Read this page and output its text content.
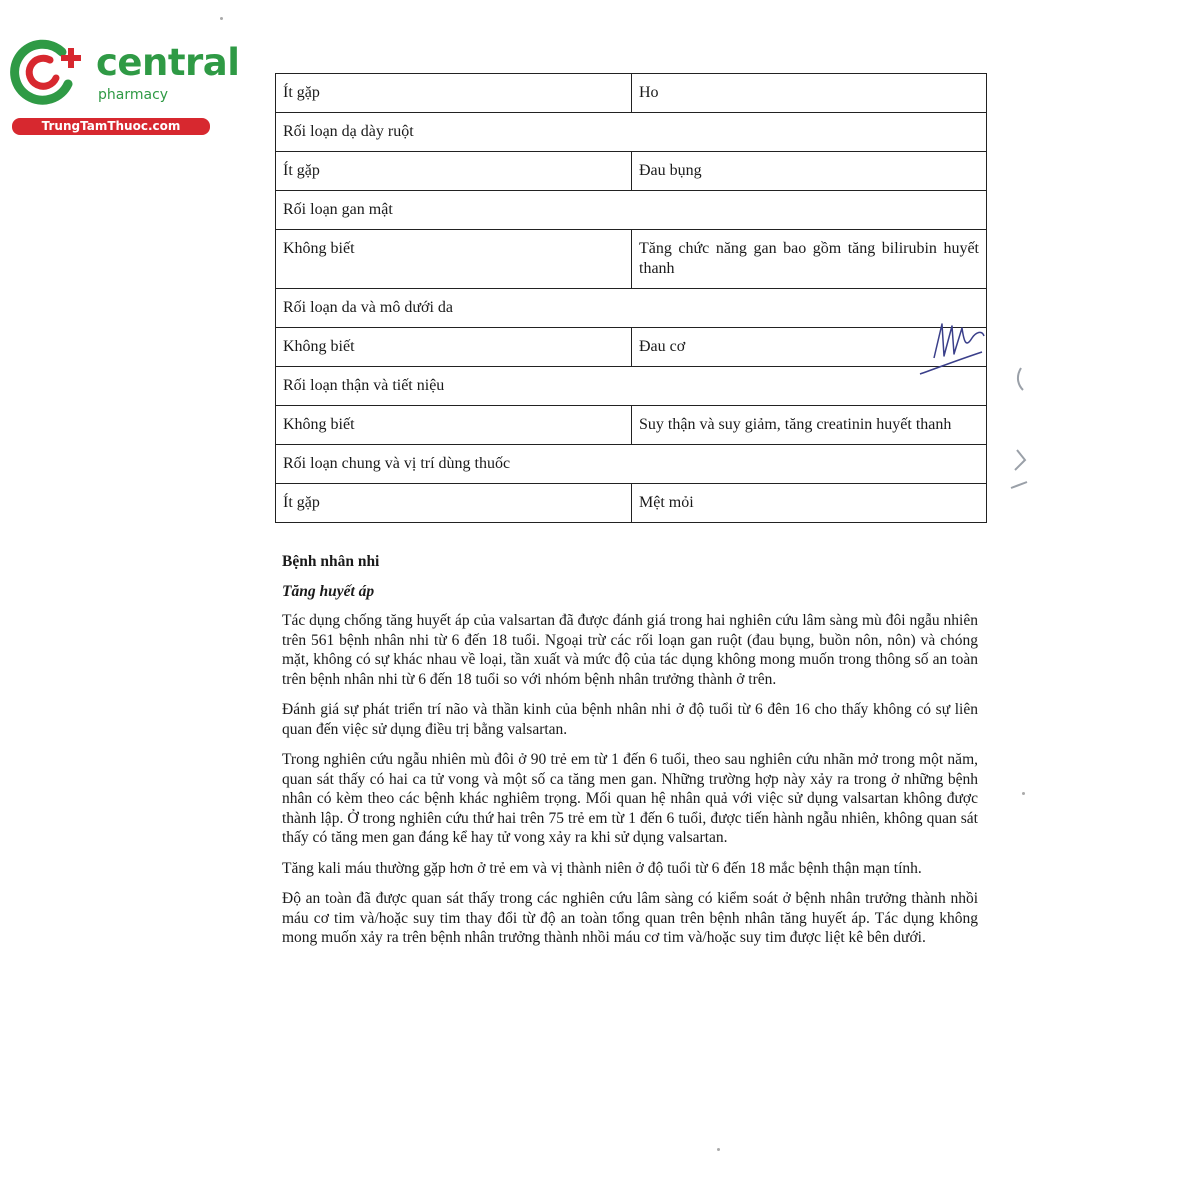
central
pharmacy
TrungTamThuoc.com
Ít gặp	Ho
Rối loạn dạ dày ruột	
Ít gặp	Đau bụng
Rối loạn gan mật	
Không biết	Tăng chức năng gan bao gồm tăng bilirubin huyết thanh
Rối loạn da và mô dưới da	
Không biết	Đau cơ
Rối loạn thận và tiết niệu	
Không biết	Suy thận và suy giảm, tăng creatinin huyết thanh
Rối loạn chung và vị trí dùng thuốc	
Ít gặp	Mệt mỏi
Bệnh nhân nhi
Tăng huyết áp

Tác dụng chống tăng huyết áp của valsartan đã được đánh giá trong hai nghiên cứu lâm sàng mù đôi ngẫu nhiên trên 561 bệnh nhân nhi từ 6 đến 18 tuổi. Ngoại trừ các rối loạn gan ruột (đau bụng, buồn nôn, nôn) và chóng mặt, không có sự khác nhau về loại, tần xuất và mức độ của tác dụng không mong muốn trong thông số an toàn trên bệnh nhân nhi từ 6 đến 18 tuổi so với nhóm bệnh nhân trưởng thành ở trên.

Đánh giá sự phát triển trí não và thần kinh của bệnh nhân nhi ở độ tuổi từ 6 đên 16 cho thấy không có sự liên quan đến việc sử dụng điều trị bằng valsartan.

Trong nghiên cứu ngẫu nhiên mù đôi ở 90 trẻ em từ 1 đến 6 tuổi, theo sau nghiên cứu nhãn mở trong một năm, quan sát thấy có hai ca tử vong và một số ca tăng men gan. Những trường hợp này xảy ra trong ở những bệnh nhân có kèm theo các bệnh khác nghiêm trọng. Mối quan hệ nhân quả với việc sử dụng valsartan không được thành lập. Ở trong nghiên cứu thứ hai trên 75 trẻ em từ 1 đến 6 tuổi, được tiến hành ngẫu nhiên, không quan sát thấy có tăng men gan đáng kể hay tử vong xảy ra khi sử dụng valsartan.

Tăng kali máu thường gặp hơn ở trẻ em và vị thành niên ở độ tuổi từ 6 đến 18 mắc bệnh thận mạn tính.

Độ an toàn đã được quan sát thấy trong các nghiên cứu lâm sàng có kiểm soát ở bệnh nhân trưởng thành nhồi máu cơ tim và/hoặc suy tim thay đổi từ độ an toàn tổng quan trên bệnh nhân tăng huyết áp. Tác dụng không mong muốn xảy ra trên bệnh nhân trưởng thành nhồi máu cơ tim và/hoặc suy tim được liệt kê bên dưới.
